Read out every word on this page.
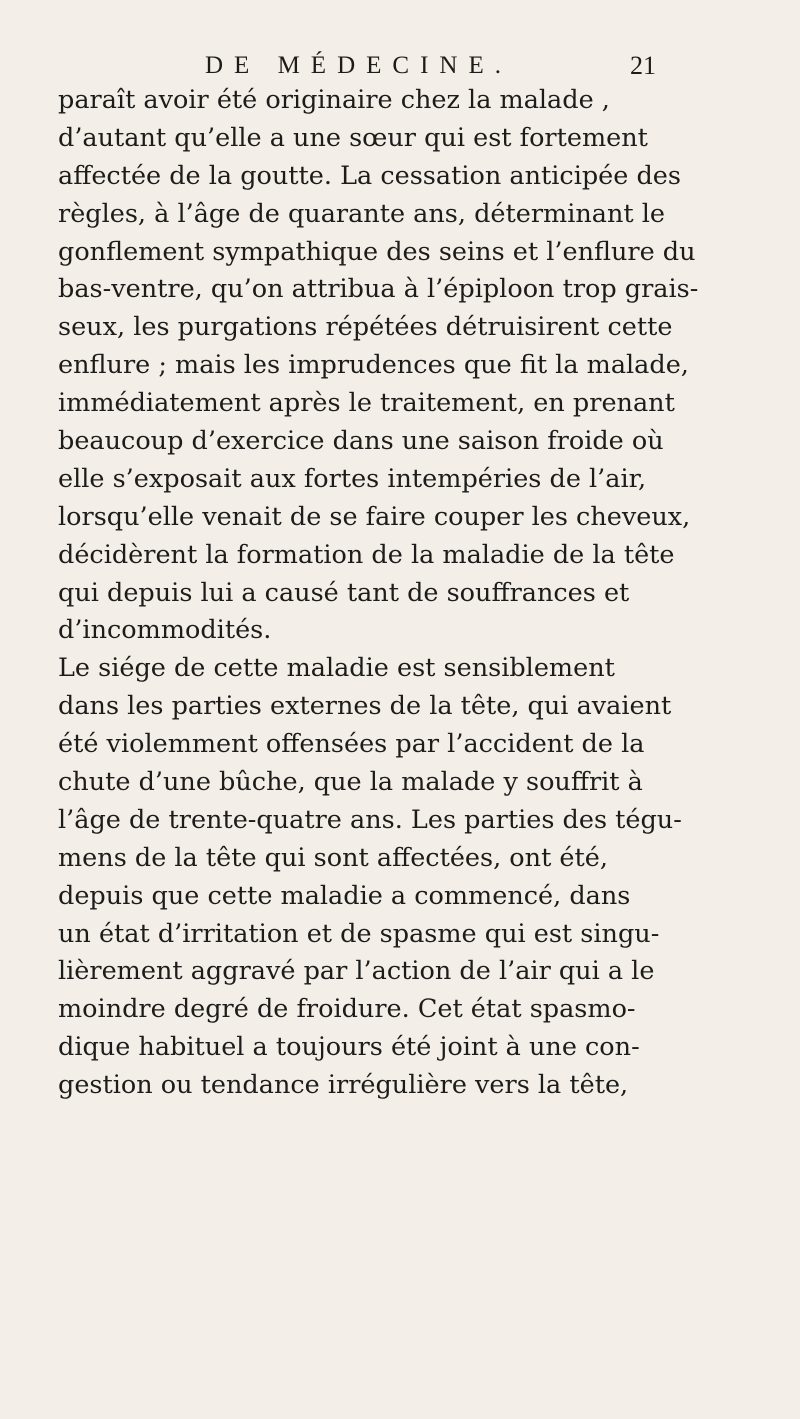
DE MÉDECINE.	21
paraît avoir été originaire chez la malade ,
d’autant qu’elle a une sœur qui est fortement
affectée de la goutte. La cessation anticipée des
règles, à l’âge de quarante ans, déterminant le
gonflement sympathique des seins et l’enflure du
bas-ventre, qu’on attribua à l’épiploon trop grais-
seux, les purgations répétées détruisirent cette
enflure ; mais les imprudences que fit la malade,
immédiatement après le traitement, en prenant
beaucoup d’exercice dans une saison froide où
elle s’exposait aux fortes intempéries de l’air,
lorsqu’elle venait de se faire couper les cheveux,
décidèrent la formation de la maladie de la tête
qui depuis lui a causé tant de souffrances et
d’incommodités.
Le siége de cette maladie est sensiblement
dans les parties externes de la tête, qui avaient
été violemment offensées par l’accident de la
chute d’une bûche, que la malade y souffrit à
l’âge de trente-quatre ans. Les parties des tégu-
mens de la tête qui sont affectées, ont été,
depuis que cette maladie a commencé, dans
un état d’irritation et de spasme qui est singu-
lièrement aggravé par l’action de l’air qui a le
moindre degré de froidure. Cet état spasmo-
dique habituel a toujours été joint à une con-
gestion ou tendance irrégulière vers la tête,
